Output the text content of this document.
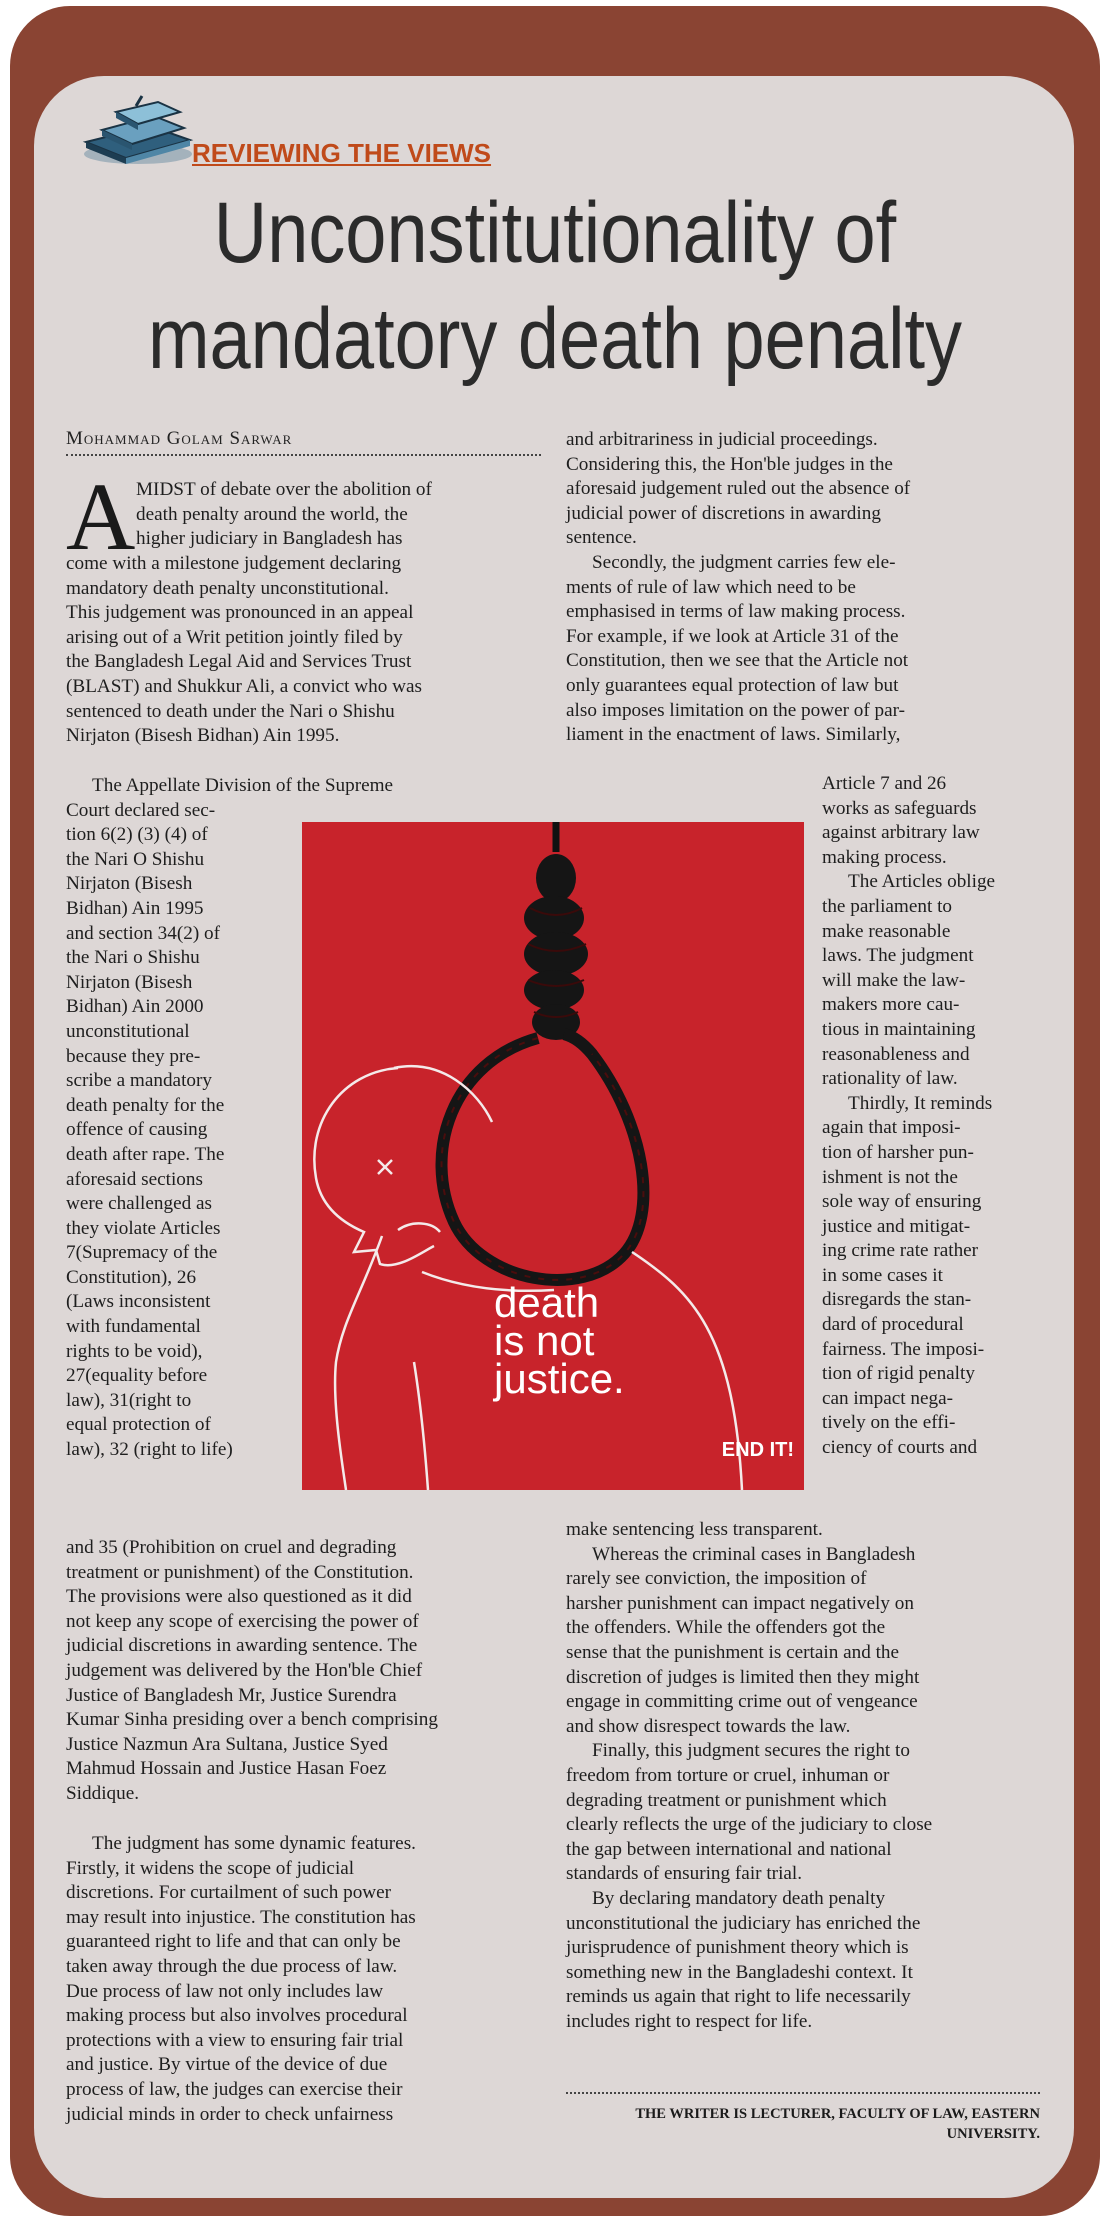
REVIEWING THE VIEWS
Unconstitutionality of
mandatory death penalty
Mohammad Golam Sarwar
A MIDST of debate over the abolition of
death penalty around the world, the
higher judiciary in Bangladesh has
come with a milestone judgement declaring
mandatory death penalty unconstitutional.
This judgement was pronounced in an appeal
arising out of a Writ petition jointly filed by
the Bangladesh Legal Aid and Services Trust
(BLAST) and Shukkur Ali, a convict who was
sentenced to death under the Nari o Shishu
Nirjaton (Bisesh Bidhan) Ain 1995.
The Appellate Division of the Supreme
Court declared sec-
tion 6(2) (3) (4) of
the Nari O Shishu
Nirjaton (Bisesh
Bidhan) Ain 1995
and section 34(2) of
the Nari o Shishu
Nirjaton (Bisesh
Bidhan) Ain 2000
unconstitutional
because they pre-
scribe a mandatory
death penalty for the
offence of causing
death after rape. The
aforesaid sections
were challenged as
they violate Articles
7(Supremacy of the
Constitution), 26
(Laws inconsistent
with fundamental
rights to be void),
27(equality before
law), 31(right to
equal protection of
law), 32 (right to life)
and 35 (Prohibition on cruel and degrading
treatment or punishment) of the Constitution.
The provisions were also questioned as it did
not keep any scope of exercising the power of
judicial discretions in awarding sentence. The
judgement was delivered by the Hon'ble Chief
Justice of Bangladesh Mr, Justice Surendra
Kumar Sinha presiding over a bench comprising
Justice Nazmun Ara Sultana, Justice Syed
Mahmud Hossain and Justice Hasan Foez
Siddique.
The judgment has some dynamic features.
Firstly, it widens the scope of judicial
discretions. For curtailment of such power
may result into injustice. The constitution has
guaranteed right to life and that can only be
taken away through the due process of law.
Due process of law not only includes law
making process but also involves procedural
protections with a view to ensuring fair trial
and justice. By virtue of the device of due
process of law, the judges can exercise their
judicial minds in order to check unfairness
and arbitrariness in judicial proceedings.
Considering this, the Hon'ble judges in the
aforesaid judgement ruled out the absence of
judicial power of discretions in awarding
sentence.
Secondly, the judgment carries few ele-
ments of rule of law which need to be
emphasised in terms of law making process.
For example, if we look at Article 31 of the
Constitution, then we see that the Article not
only guarantees equal protection of law but
also imposes limitation on the power of par-
liament in the enactment of laws. Similarly,
Article 7 and 26
works as safeguards
against arbitrary law
making process.
The Articles oblige
the parliament to
make reasonable
laws. The judgment
will make the law-
makers more cau-
tious in maintaining
reasonableness and
rationality of law.
Thirdly, It reminds
again that imposi-
tion of harsher pun-
ishment is not the
sole way of ensuring
justice and mitigat-
ing crime rate rather
in some cases it
disregards the stan-
dard of procedural
fairness. The imposi-
tion of rigid penalty
can impact nega-
tively on the effi-
ciency of courts and
make sentencing less transparent.
Whereas the criminal cases in Bangladesh
rarely see conviction, the imposition of
harsher punishment can impact negatively on
the offenders. While the offenders got the
sense that the punishment is certain and the
discretion of judges is limited then they might
engage in committing crime out of vengeance
and show disrespect towards the law.
Finally, this judgment secures the right to
freedom from torture or cruel, inhuman or
degrading treatment or punishment which
clearly reflects the urge of the judiciary to close
the gap between international and national
standards of ensuring fair trial.
By declaring mandatory death penalty
unconstitutional the judiciary has enriched the
jurisprudence of punishment theory which is
something new in the Bangladeshi context. It
reminds us again that right to life necessarily
includes right to respect for life.
death
is not
justice.
END IT!
THE WRITER IS LECTURER, FACULTY OF LAW, EASTERN
UNIVERSITY.
